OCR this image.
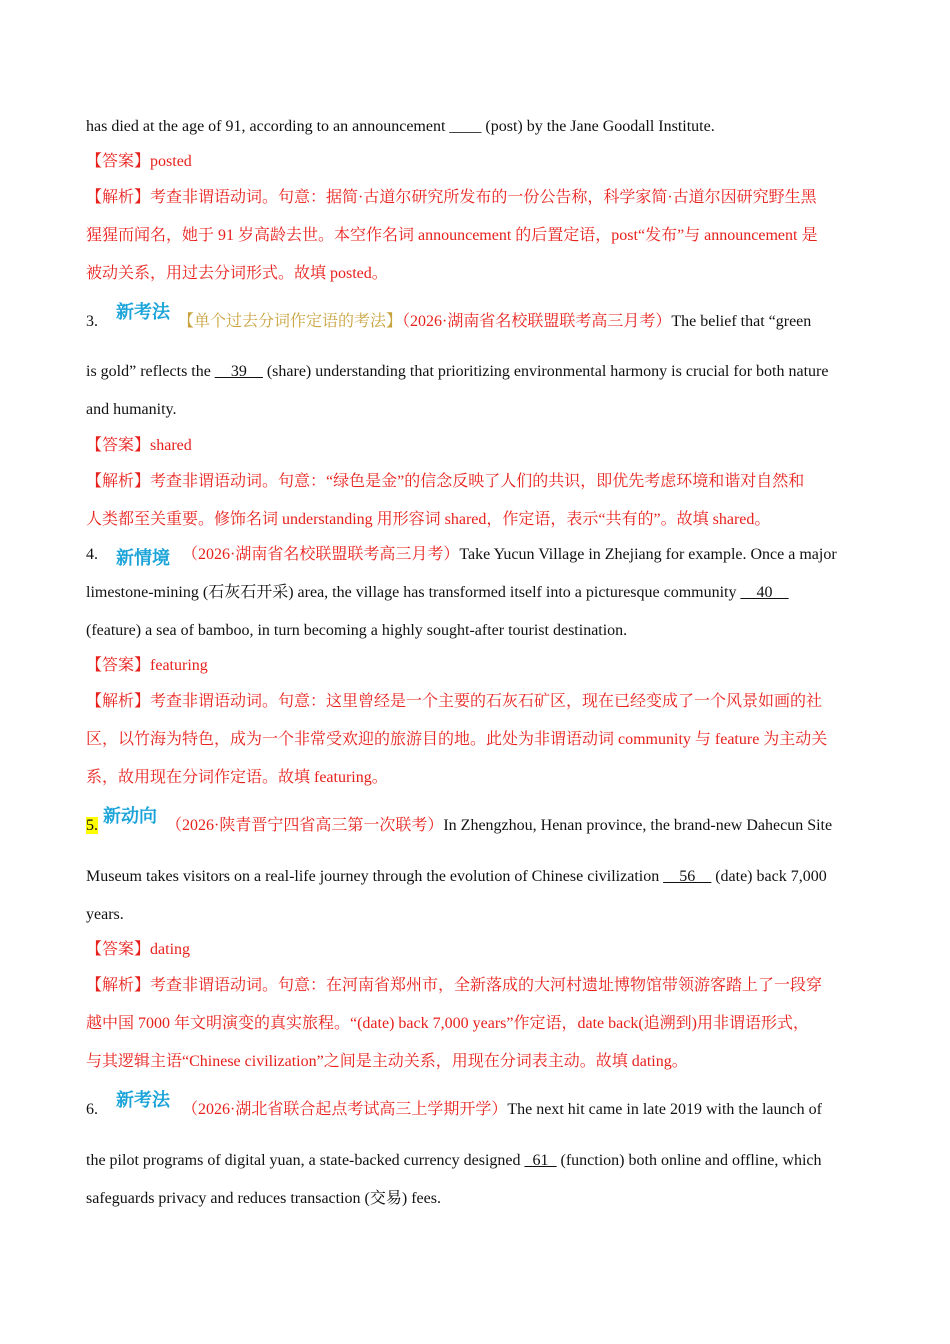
has died at the age of 91, according to an announcement ____ (post) by the Jane Goodall Institute.
【答案】posted
【解析】考查非谓语动词。句意：据简·古道尔研究所发布的一份公告称，科学家简·古道尔因研究野生黑
猩猩而闻名，她于 91 岁高龄去世。本空作名词 announcement 的后置定语，post“发布”与 announcement 是
被动关系，用过去分词形式。故填 posted。
新考法
3.	【单个过去分词作定语的考法】（2026·湖南省名校联盟联考高三月考）The belief that “green
is gold” reflects the __39__ (share) understanding that prioritizing environmental harmony is crucial for both nature
and humanity.
【答案】shared
【解析】考查非谓语动词。句意：“绿色是金”的信念反映了人们的共识，即优先考虑环境和谐对自然和
人类都至关重要。修饰名词 understanding 用形容词 shared，作定语，表示“共有的”。故填 shared。
新情境
4.	（2026·湖南省名校联盟联考高三月考）Take Yucun Village in Zhejiang for example. Once a major
limestone-mining (石灰石开采) area, the village has transformed itself into a picturesque community __40__
(feature) a sea of bamboo, in turn becoming a highly sought-after tourist destination.
【答案】featuring
【解析】考查非谓语动词。句意：这里曾经是一个主要的石灰石矿区，现在已经变成了一个风景如画的社
区，以竹海为特色，成为一个非常受欢迎的旅游目的地。此处为非谓语动词 community 与 feature 为主动关
系，故用现在分词作定语。故填 featuring。
新动向
5.	（2026·陕青晋宁四省高三第一次联考）In Zhengzhou, Henan province, the brand-new Dahecun Site
Museum takes visitors on a real-life journey through the evolution of Chinese civilization __56__ (date) back 7,000
years.
【答案】dating
【解析】考查非谓语动词。句意：在河南省郑州市，全新落成的大河村遗址博物馆带领游客踏上了一段穿
越中国 7000 年文明演变的真实旅程。“(date) back 7,000 years”作定语，date back(追溯到)用非谓语形式，
与其逻辑主语“Chinese civilization”之间是主动关系，用现在分词表主动。故填 dating。
新考法
6.	（2026·湖北省联合起点考试高三上学期开学）The next hit came in late 2019 with the launch of
the pilot programs of digital yuan, a state-backed currency designed _61_ (function) both online and offline, which
safeguards privacy and reduces transaction (交易) fees.
